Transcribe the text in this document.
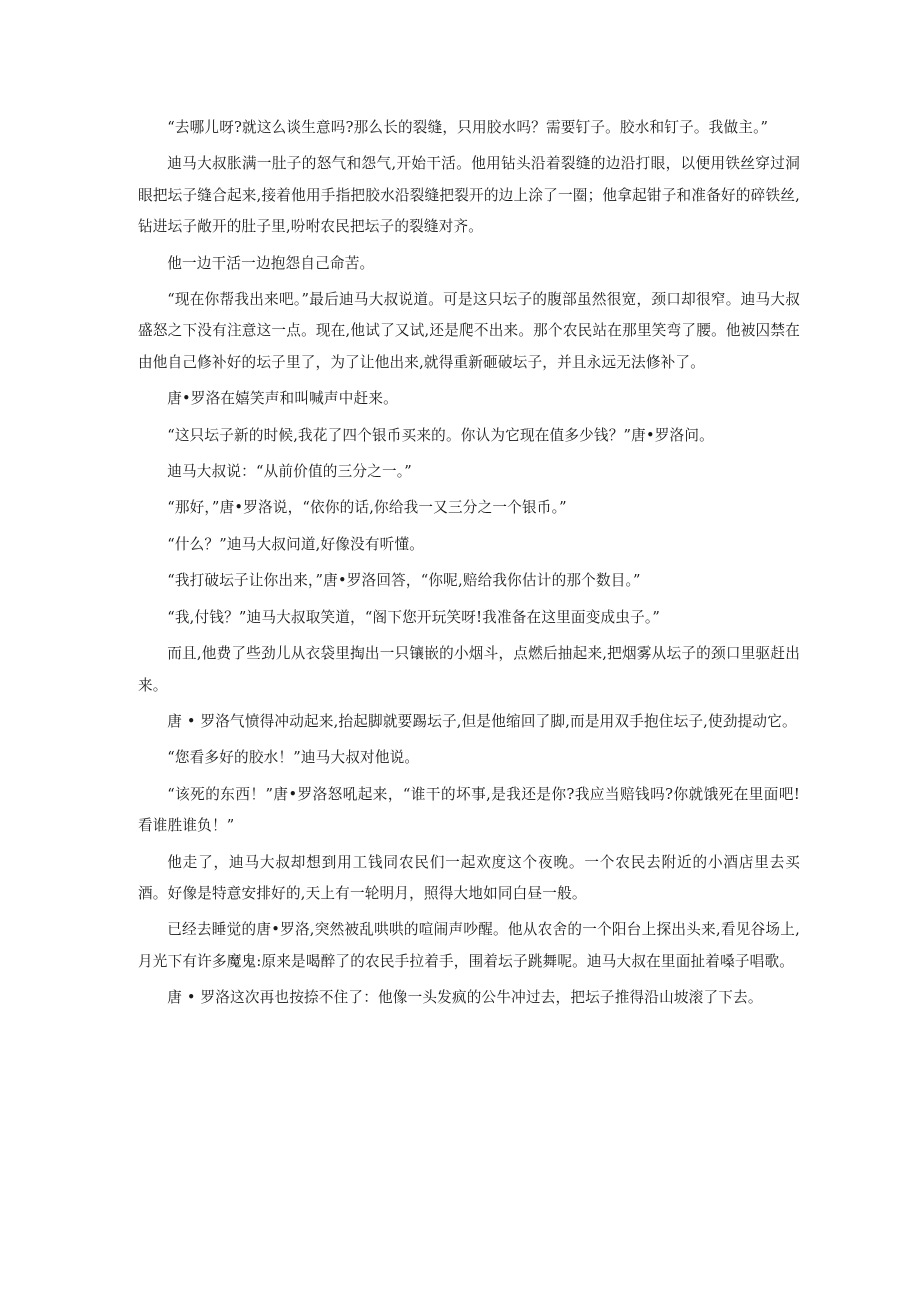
“去哪儿呀?就这么谈生意吗?那么长的裂缝，只用胶水吗？需要钉子。胶水和钉子。我做主。”

迪马大叔胀满一肚子的怒气和怨气,开始干活。他用钻头沿着裂缝的边沿打眼，以便用铁丝穿过洞眼把坛子缝合起来,接着他用手指把胶水沿裂缝把裂开的边上涂了一圈；他拿起钳子和准备好的碎铁丝,钻进坛子敞开的肚子里,吩咐农民把坛子的裂缝对齐。

他一边干活一边抱怨自己命苦。

“现在你帮我出来吧。”最后迪马大叔说道。可是这只坛子的腹部虽然很宽，颈口却很窄。迪马大叔盛怒之下没有注意这一点。现在,他试了又试,还是爬不出来。那个农民站在那里笑弯了腰。他被囚禁在由他自己修补好的坛子里了，为了让他出来,就得重新砸破坛子，并且永远无法修补了。

唐•罗洛在嬉笑声和叫喊声中赶来。

“这只坛子新的时候,我花了四个银币买来的。你认为它现在值多少钱？”唐•罗洛问。

迪马大叔说：“从前价值的三分之一。”

“那好，”唐•罗洛说，“依你的话,你给我一又三分之一个银币。”

“什么？”迪马大叔问道,好像没有听懂。

“我打破坛子让你出来，”唐•罗洛回答，“你呢,赔给我你估计的那个数目。”

“我,付钱？”迪马大叔取笑道，“阁下您开玩笑呀!我准备在这里面变成虫子。”

而且,他费了些劲儿从衣袋里掏出一只镶嵌的小烟斗，点燃后抽起来,把烟雾从坛子的颈口里驱赶出来。

唐 • 罗洛气愤得冲动起来,抬起脚就要踢坛子,但是他缩回了脚,而是用双手抱住坛子,使劲提动它。

“您看多好的胶水！”迪马大叔对他说。

“该死的东西！”唐•罗洛怒吼起来，“谁干的坏事,是我还是你?我应当赔钱吗?你就饿死在里面吧!看谁胜谁负！”

他走了，迪马大叔却想到用工钱同农民们一起欢度这个夜晚。一个农民去附近的小酒店里去买酒。好像是特意安排好的,天上有一轮明月，照得大地如同白昼一般。

已经去睡觉的唐•罗洛,突然被乱哄哄的喧闹声吵醒。他从农舍的一个阳台上探出头来,看见谷场上,月光下有许多魔鬼:原来是喝醉了的农民手拉着手，围着坛子跳舞呢。迪马大叔在里面扯着嗓子唱歌。

唐 • 罗洛这次再也按捺不住了：他像一头发疯的公牛冲过去，把坛子推得沿山坡滚了下去。
